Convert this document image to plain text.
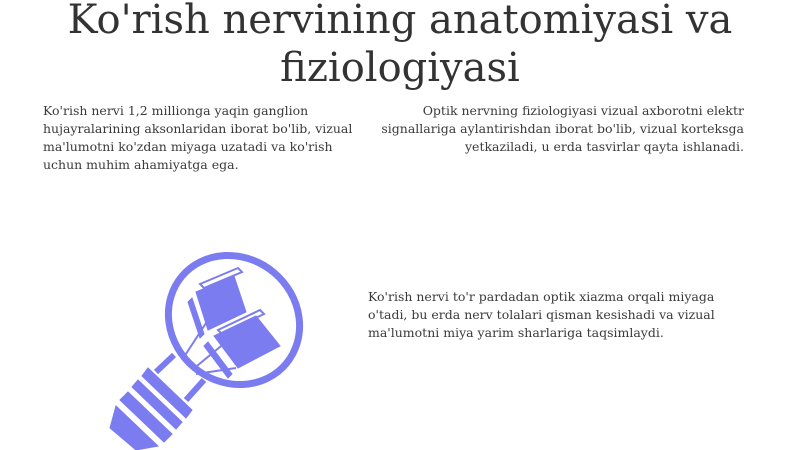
Ko'rish nervining anatomiyasi va fiziologiyasi

Ko'rish nervi 1,2 millionga yaqin ganglion hujayralarining aksonlaridan iborat bo'lib, vizual ma'lumotni ko'zdan miyaga uzatadi va ko'rish uchun muhim ahamiyatga ega.

Optik nervning fiziologiyasi vizual axborotni elektr signallariga aylantirishdan iborat bo'lib, vizual korteksga yetkaziladi, u erda tasvirlar qayta ishlanadi.

Ko'rish nervi to'r pardadan optik xiazma orqali miyaga o'tadi, bu erda nerv tolalari qisman kesishadi va vizual ma'lumotni miya yarim sharlariga taqsimlaydi.
